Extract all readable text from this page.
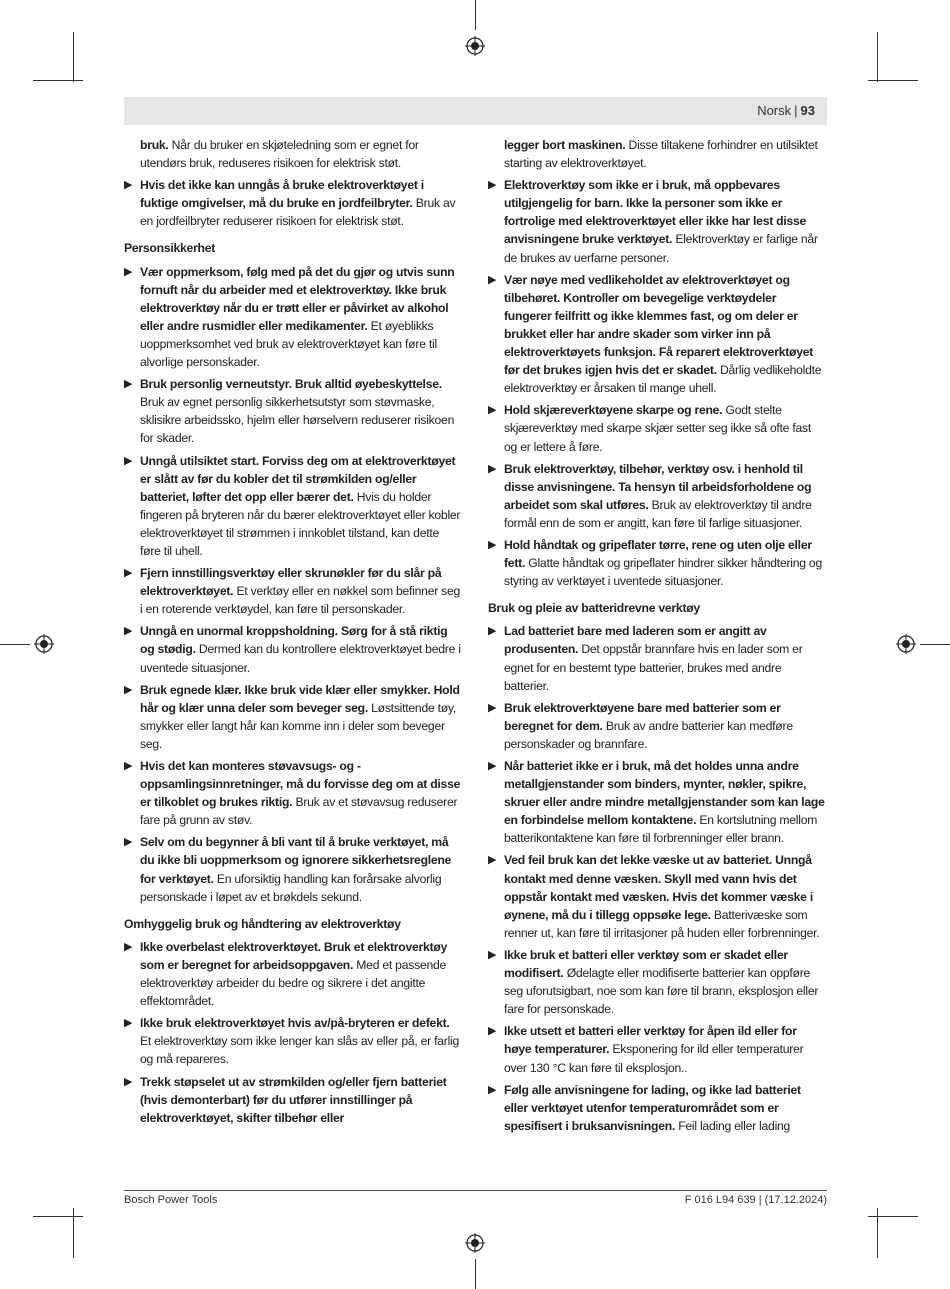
Norsk | 93
bruk. Når du bruker en skjøteledning som er egnet for utendørs bruk, reduseres risikoen for elektrisk støt.
▶ Hvis det ikke kan unngås å bruke elektroverktøyet i fuktige omgivelser, må du bruke en jordfeilbryter. Bruk av en jordfeilbryter reduserer risikoen for elektrisk støt.
Personsikkerhet
▶ Vær oppmerksom, følg med på det du gjør og utvis sunn fornuft når du arbeider med et elektroverktøy. Ikke bruk elektroverktøy når du er trøtt eller er påvirket av alkohol eller andre rusmidler eller medikamenter. Et øyeblikks uoppmerksomhet ved bruk av elektroverktøyet kan føre til alvorlige personskader.
▶ Bruk personlig verneutstyr. Bruk alltid øyebeskyttelse. Bruk av egnet personlig sikkerhetsutstyr som støvmaske, sklisikre arbeidssko, hjelm eller hørselvern reduserer risikoen for skader.
▶ Unngå utilsiktet start. Forviss deg om at elektroverktøyet er slått av før du kobler det til strømkilden og/eller batteriet, løfter det opp eller bærer det. Hvis du holder fingeren på bryteren når du bærer elektroverktøyet eller kobler elektroverktøyet til strømmen i innkoblet tilstand, kan dette føre til uhell.
▶ Fjern innstillingsverktøy eller skrunøkler før du slår på elektroverktøyet. Et verktøy eller en nøkkel som befinner seg i en roterende verktøydel, kan føre til personskader.
▶ Unngå en unormal kroppsholdning. Sørg for å stå riktig og stødig. Dermed kan du kontrollere elektroverktøyet bedre i uventede situasjoner.
▶ Bruk egnede klær. Ikke bruk vide klær eller smykker. Hold hår og klær unna deler som beveger seg. Løstsittende tøy, smykker eller langt hår kan komme inn i deler som beveger seg.
▶ Hvis det kan monteres støvavsugs- og -oppsamlingsinnretninger, må du forvisse deg om at disse er tilkoblet og brukes riktig. Bruk av et støvavsug reduserer fare på grunn av støv.
▶ Selv om du begynner å bli vant til å bruke verktøyet, må du ikke bli uoppmerksom og ignorere sikkerhetsreglene for verktøyet. En uforsiktig handling kan forårsake alvorlig personskade i løpet av et brøkdels sekund.
Omhyggelig bruk og håndtering av elektroverktøy
▶ Ikke overbelast elektroverktøyet. Bruk et elektroverktøy som er beregnet for arbeidsoppgaven. Med et passende elektroverktøy arbeider du bedre og sikrere i det angitte effektområdet.
▶ Ikke bruk elektroverktøyet hvis av/på-bryteren er defekt. Et elektroverktøy som ikke lenger kan slås av eller på, er farlig og må repareres.
▶ Trekk støpselet ut av strømkilden og/eller fjern batteriet (hvis demonterbart) før du utfører innstillinger på elektroverktøyet, skifter tilbehør eller
legger bort maskinen. Disse tiltakene forhindrer en utilsiktet starting av elektroverktøyet.
▶ Elektroverktøy som ikke er i bruk, må oppbevares utilgjengelig for barn. Ikke la personer som ikke er fortrolige med elektroverktøyet eller ikke har lest disse anvisningene bruke verktøyet. Elektroverktøy er farlige når de brukes av uerfarne personer.
▶ Vær nøye med vedlikeholdet av elektroverktøyet og tilbehøret. Kontroller om bevegelige verktøydeler fungerer feilfritt og ikke klemmes fast, og om deler er brukket eller har andre skader som virker inn på elektroverktøyets funksjon. Få reparert elektroverktøyet før det brukes igjen hvis det er skadet. Dårlig vedlikeholdte elektroverktøy er årsaken til mange uhell.
▶ Hold skjæreverktøyene skarpe og rene. Godt stelte skjæreverktøy med skarpe skjær setter seg ikke så ofte fast og er lettere å føre.
▶ Bruk elektroverktøy, tilbehør, verktøy osv. i henhold til disse anvisningene. Ta hensyn til arbeidsforholdene og arbeidet som skal utføres. Bruk av elektroverktøy til andre formål enn de som er angitt, kan føre til farlige situasjoner.
▶ Hold håndtak og gripeflater tørre, rene og uten olje eller fett. Glatte håndtak og gripeflater hindrer sikker håndtering og styring av verktøyet i uventede situasjoner.
Bruk og pleie av batteridrevne verktøy
▶ Lad batteriet bare med laderen som er angitt av produsenten. Det oppstår brannfare hvis en lader som er egnet for en bestemt type batterier, brukes med andre batterier.
▶ Bruk elektroverktøyene bare med batterier som er beregnet for dem. Bruk av andre batterier kan medføre personskader og brannfare.
▶ Når batteriet ikke er i bruk, må det holdes unna andre metallgjenstander som binders, mynter, nøkler, spikre, skruer eller andre mindre metallgjenstander som kan lage en forbindelse mellom kontaktene. En kortslutning mellom batterikontaktene kan føre til forbrenninger eller brann.
▶ Ved feil bruk kan det lekke væske ut av batteriet. Unngå kontakt med denne væsken. Skyll med vann hvis det oppstår kontakt med væsken. Hvis det kommer væske i øynene, må du i tillegg oppsøke lege. Batterivæske som renner ut, kan føre til irritasjoner på huden eller forbrenninger.
▶ Ikke bruk et batteri eller verktøy som er skadet eller modifisert. Ødelagte eller modifiserte batterier kan oppføre seg uforutsigbart, noe som kan føre til brann, eksplosjon eller fare for personskade.
▶ Ikke utsett et batteri eller verktøy for åpen ild eller for høye temperaturer. Eksponering for ild eller temperaturer over 130 °C kan føre til eksplosjon..
▶ Følg alle anvisningene for lading, og ikke lad batteriet eller verktøyet utenfor temperaturområdet som er spesifisert i bruksanvisningen. Feil lading eller lading
Bosch Power Tools	F 016 L94 639 | (17.12.2024)
